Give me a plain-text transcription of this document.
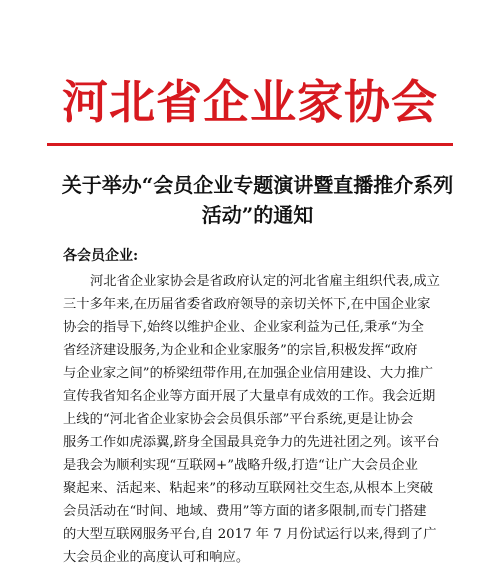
河北省企业家协会
关于举办“会员企业专题演讲暨直播推介系列
活动”的通知
各会员企业:
河北省企业家协会是省政府认定的河北省雇主组织代表,成立
三十多年来,在历届省委省政府领导的亲切关怀下,在中国企业家
协会的指导下,始终以维护企业、企业家利益为己任,秉承“为全
省经济建设服务,为企业和企业家服务”的宗旨,积极发挥“政府
与企业家之间”的桥梁纽带作用,在加强企业信用建设、大力推广
宣传我省知名企业等方面开展了大量卓有成效的工作。我会近期
上线的“河北省企业家协会会员俱乐部”平台系统,更是让协会
服务工作如虎添翼,跻身全国最具竞争力的先进社团之列。该平台
是我会为顺利实现“互联网+”战略升级,打造“让广大会员企业
聚起来、活起来、粘起来”的移动互联网社交生态,从根本上突破
会员活动在“时间、地域、费用”等方面的诸多限制,而专门搭建
的大型互联网服务平台,自 2017 年 7 月份试运行以来,得到了广
大会员企业的高度认可和响应。
